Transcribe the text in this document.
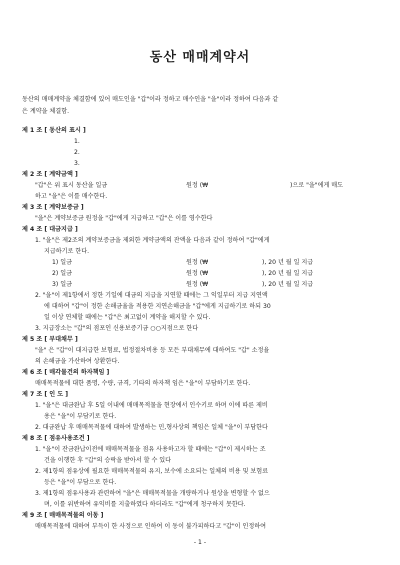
동산 매매계약서
동산의 매매계약을 체결함에 있어 매도인을 "갑"이라 정하고 매수인을 "을"이라 정하여 다음과 같
은 계약을 체결함.
제 1 조 [ 동산의 표시 ]
1.
2.
3.
제 2 조 [ 계약금액 ]
"갑"은 위 표시 동산을 일금	원정 (₩	)으로 "을"에게 매도
하고 "을"은 이를 매수한다.
제 3 조 [ 계약보증금 ]
"을"은 계약보증금 원정을 "갑"에게 지급하고 "갑"은 이를 영수한다
제 4 조 [ 대금지급 ]
1. "을"은 제2조의 계약보증금을 제외한 계약금액의 잔액을 다음과 같이 정하여 "갑"에게
지급하기로 한다.
1) 일금	원정 (₩	), 20 년 월 일 지급
2) 일금	원정 (₩	), 20 년 월 일 지급
3) 일금	원정 (₩	), 20 년 월 일 지급
2. "을"이 제1항에서 정한 기일에 대금의 지급을 지연할 때에는 그 익일부터 지급 지연액
에 대하여 "갑"이 정한 손해금율을 적용한 지연손해금을 "갑"에게 지급하기로 하되 30
일 이상 연체할 때에는 "갑"은 최고없이 계약을 해지할 수 있다.
3. 지급장소는 "갑"의 점포인 신용보증기금 ○○지점으로 한다
제 5 조 [ 부대채무 ]
"을" 은 "갑"이 대지급한 보험료, 법정절차비용 등 모든 부대채무에 대하여도 "갑" 소정율
의 손해금을 가산하여 상환한다.
제 6 조 [ 매각물건의 하자책임 ]
매매목적물에 대한 품명, 수량, 규격, 기타의 하자책 임은 "을"이 부담하기로 한다.
제 7 조 [ 인 도 ]
1. "을"은 대금완납 후 5일 이내에 매매목적물을 현장에서 인수키로 하며 이에 따른 제비
용은 "을"이 부담키로 한다.
2. 대금완납 후 매매목적물에 대하여 발생하는 민,형사상의 책임은 일체 "을"이 부담한다
제 8 조 [ 점유사용조건 ]
1. "을"이 잔금완납이전에 매매목적물을 점유 사용하고자 할 때에는 "갑"이 제시하는 조
건을 이행한 후 "갑"의 승락을 받아서 할 수 있다
2. 제1항의 점유상에 필요한 매매목적물의 유지, 보수에 소요되는 일체의 비용 및 보험료
등은 "을"이 부담으로 한다.
3. 제1항의 점유사용과 관련하여 "을"은 매매목적물을 개량하거나 원상을 변형할 수 없으
며, 이를 위반하여 유익비를 지출하였다 하더라도 "갑"에게 청구하지 못한다.
제 9 조 [ 매매목적물의 이동 ]
매매목적물에 대하여 부득이 한 사정으로 인하여 이 동이 불가피하다고 "갑"이 인정하여
- 1 -
